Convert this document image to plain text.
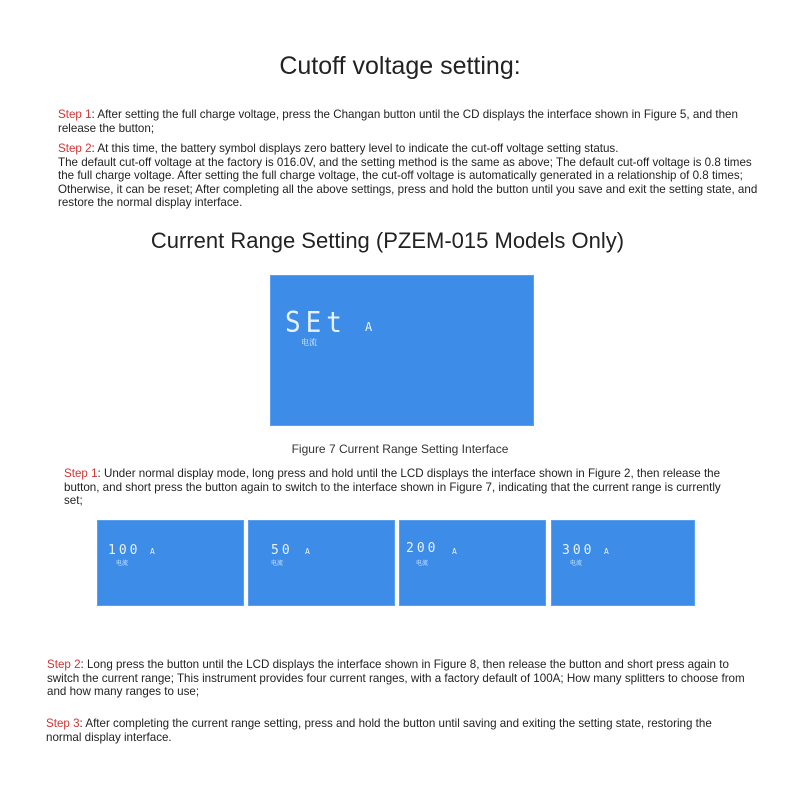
Cutoff voltage setting:

Step 1: After setting the full charge voltage, press the Changan button until the CD displays the interface shown in Figure 5, and then release the button;

Step 2: At this time, the battery symbol displays zero battery level to indicate the cut-off voltage setting status.
The default cut-off voltage at the factory is 016.0V, and the setting method is the same as above; The default cut-off voltage is 0.8 times the full charge voltage. After setting the full charge voltage, the cut-off voltage is automatically generated in a relationship of 0.8 times; Otherwise, it can be reset; After completing all the above settings, press and hold the button until you save and exit the setting state, and restore the normal display interface.

Current Range Setting (PZEM-015 Models Only)
SEt A
电流
Figure 7 Current Range Setting Interface

Step 1: Under normal display mode, long press and hold until the LCD displays the interface shown in Figure 2, then release the button, and short press the button again to switch to the interface shown in Figure 7, indicating that the current range is currently set;

100 A
电流
50 A
电流
200 A
电流
300 A
电流

Step 2: Long press the button until the LCD displays the interface shown in Figure 8, then release the button and short press again to switch the current range; This instrument provides four current ranges, with a factory default of 100A; How many splitters to choose from and how many ranges to use;

Step 3: After completing the current range setting, press and hold the button until saving and exiting the setting state, restoring the normal display interface.
